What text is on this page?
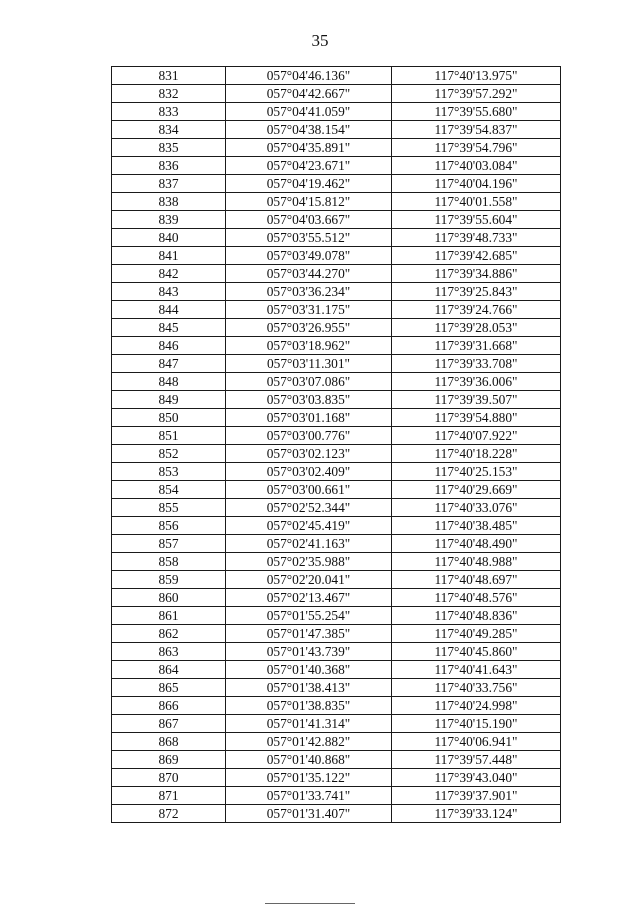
35
831	057°04'46.136"	117°40'13.975"
832	057°04'42.667"	117°39'57.292"
833	057°04'41.059"	117°39'55.680"
834	057°04'38.154"	117°39'54.837"
835	057°04'35.891"	117°39'54.796"
836	057°04'23.671"	117°40'03.084"
837	057°04'19.462"	117°40'04.196"
838	057°04'15.812"	117°40'01.558"
839	057°04'03.667"	117°39'55.604"
840	057°03'55.512"	117°39'48.733"
841	057°03'49.078"	117°39'42.685"
842	057°03'44.270"	117°39'34.886"
843	057°03'36.234"	117°39'25.843"
844	057°03'31.175"	117°39'24.766"
845	057°03'26.955"	117°39'28.053"
846	057°03'18.962"	117°39'31.668"
847	057°03'11.301"	117°39'33.708"
848	057°03'07.086"	117°39'36.006"
849	057°03'03.835"	117°39'39.507"
850	057°03'01.168"	117°39'54.880"
851	057°03'00.776"	117°40'07.922"
852	057°03'02.123"	117°40'18.228"
853	057°03'02.409"	117°40'25.153"
854	057°03'00.661"	117°40'29.669"
855	057°02'52.344"	117°40'33.076"
856	057°02'45.419"	117°40'38.485"
857	057°02'41.163"	117°40'48.490"
858	057°02'35.988"	117°40'48.988"
859	057°02'20.041"	117°40'48.697"
860	057°02'13.467"	117°40'48.576"
861	057°01'55.254"	117°40'48.836"
862	057°01'47.385"	117°40'49.285"
863	057°01'43.739"	117°40'45.860"
864	057°01'40.368"	117°40'41.643"
865	057°01'38.413"	117°40'33.756"
866	057°01'38.835"	117°40'24.998"
867	057°01'41.314"	117°40'15.190"
868	057°01'42.882"	117°40'06.941"
869	057°01'40.868"	117°39'57.448"
870	057°01'35.122"	117°39'43.040"
871	057°01'33.741"	117°39'37.901"
872	057°01'31.407"	117°39'33.124"
